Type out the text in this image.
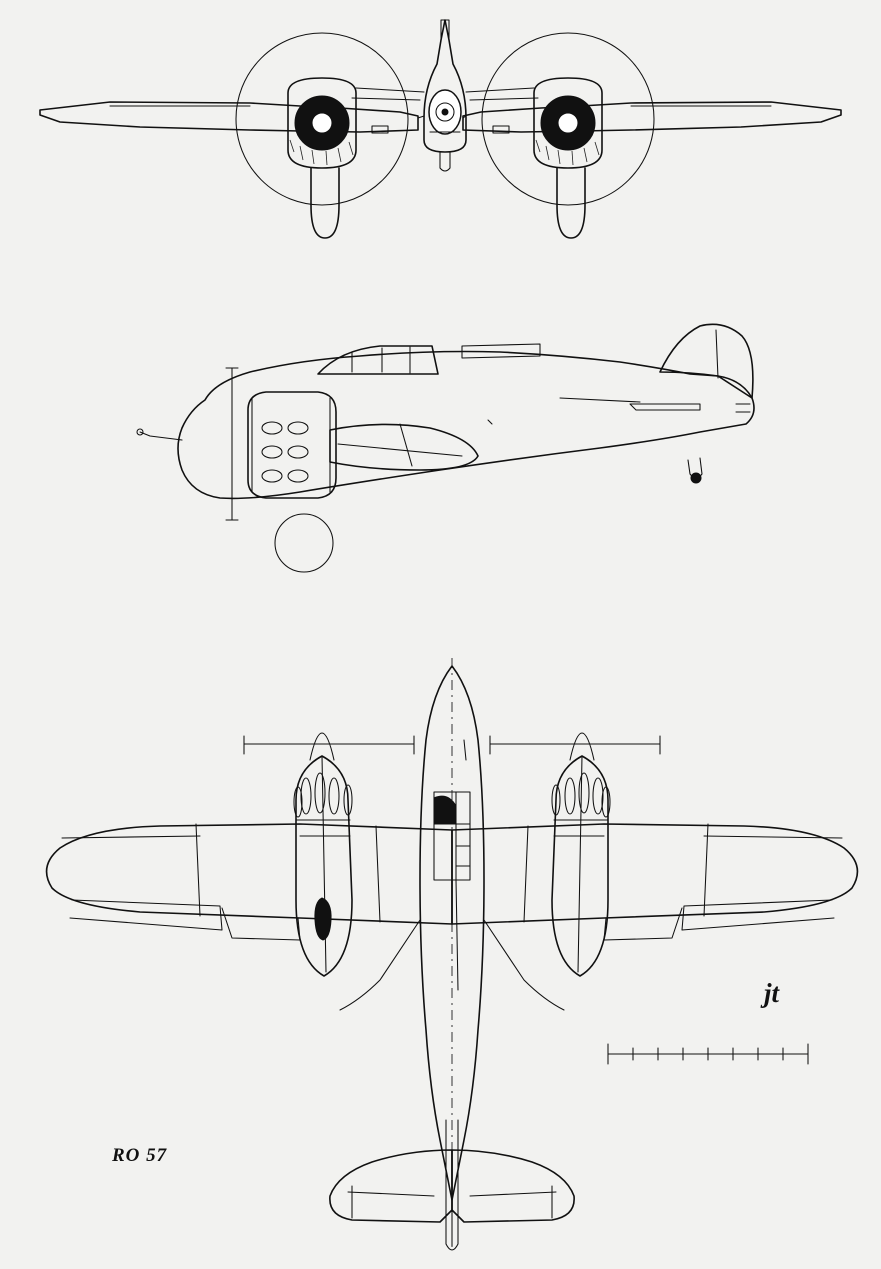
RO 57
jt
